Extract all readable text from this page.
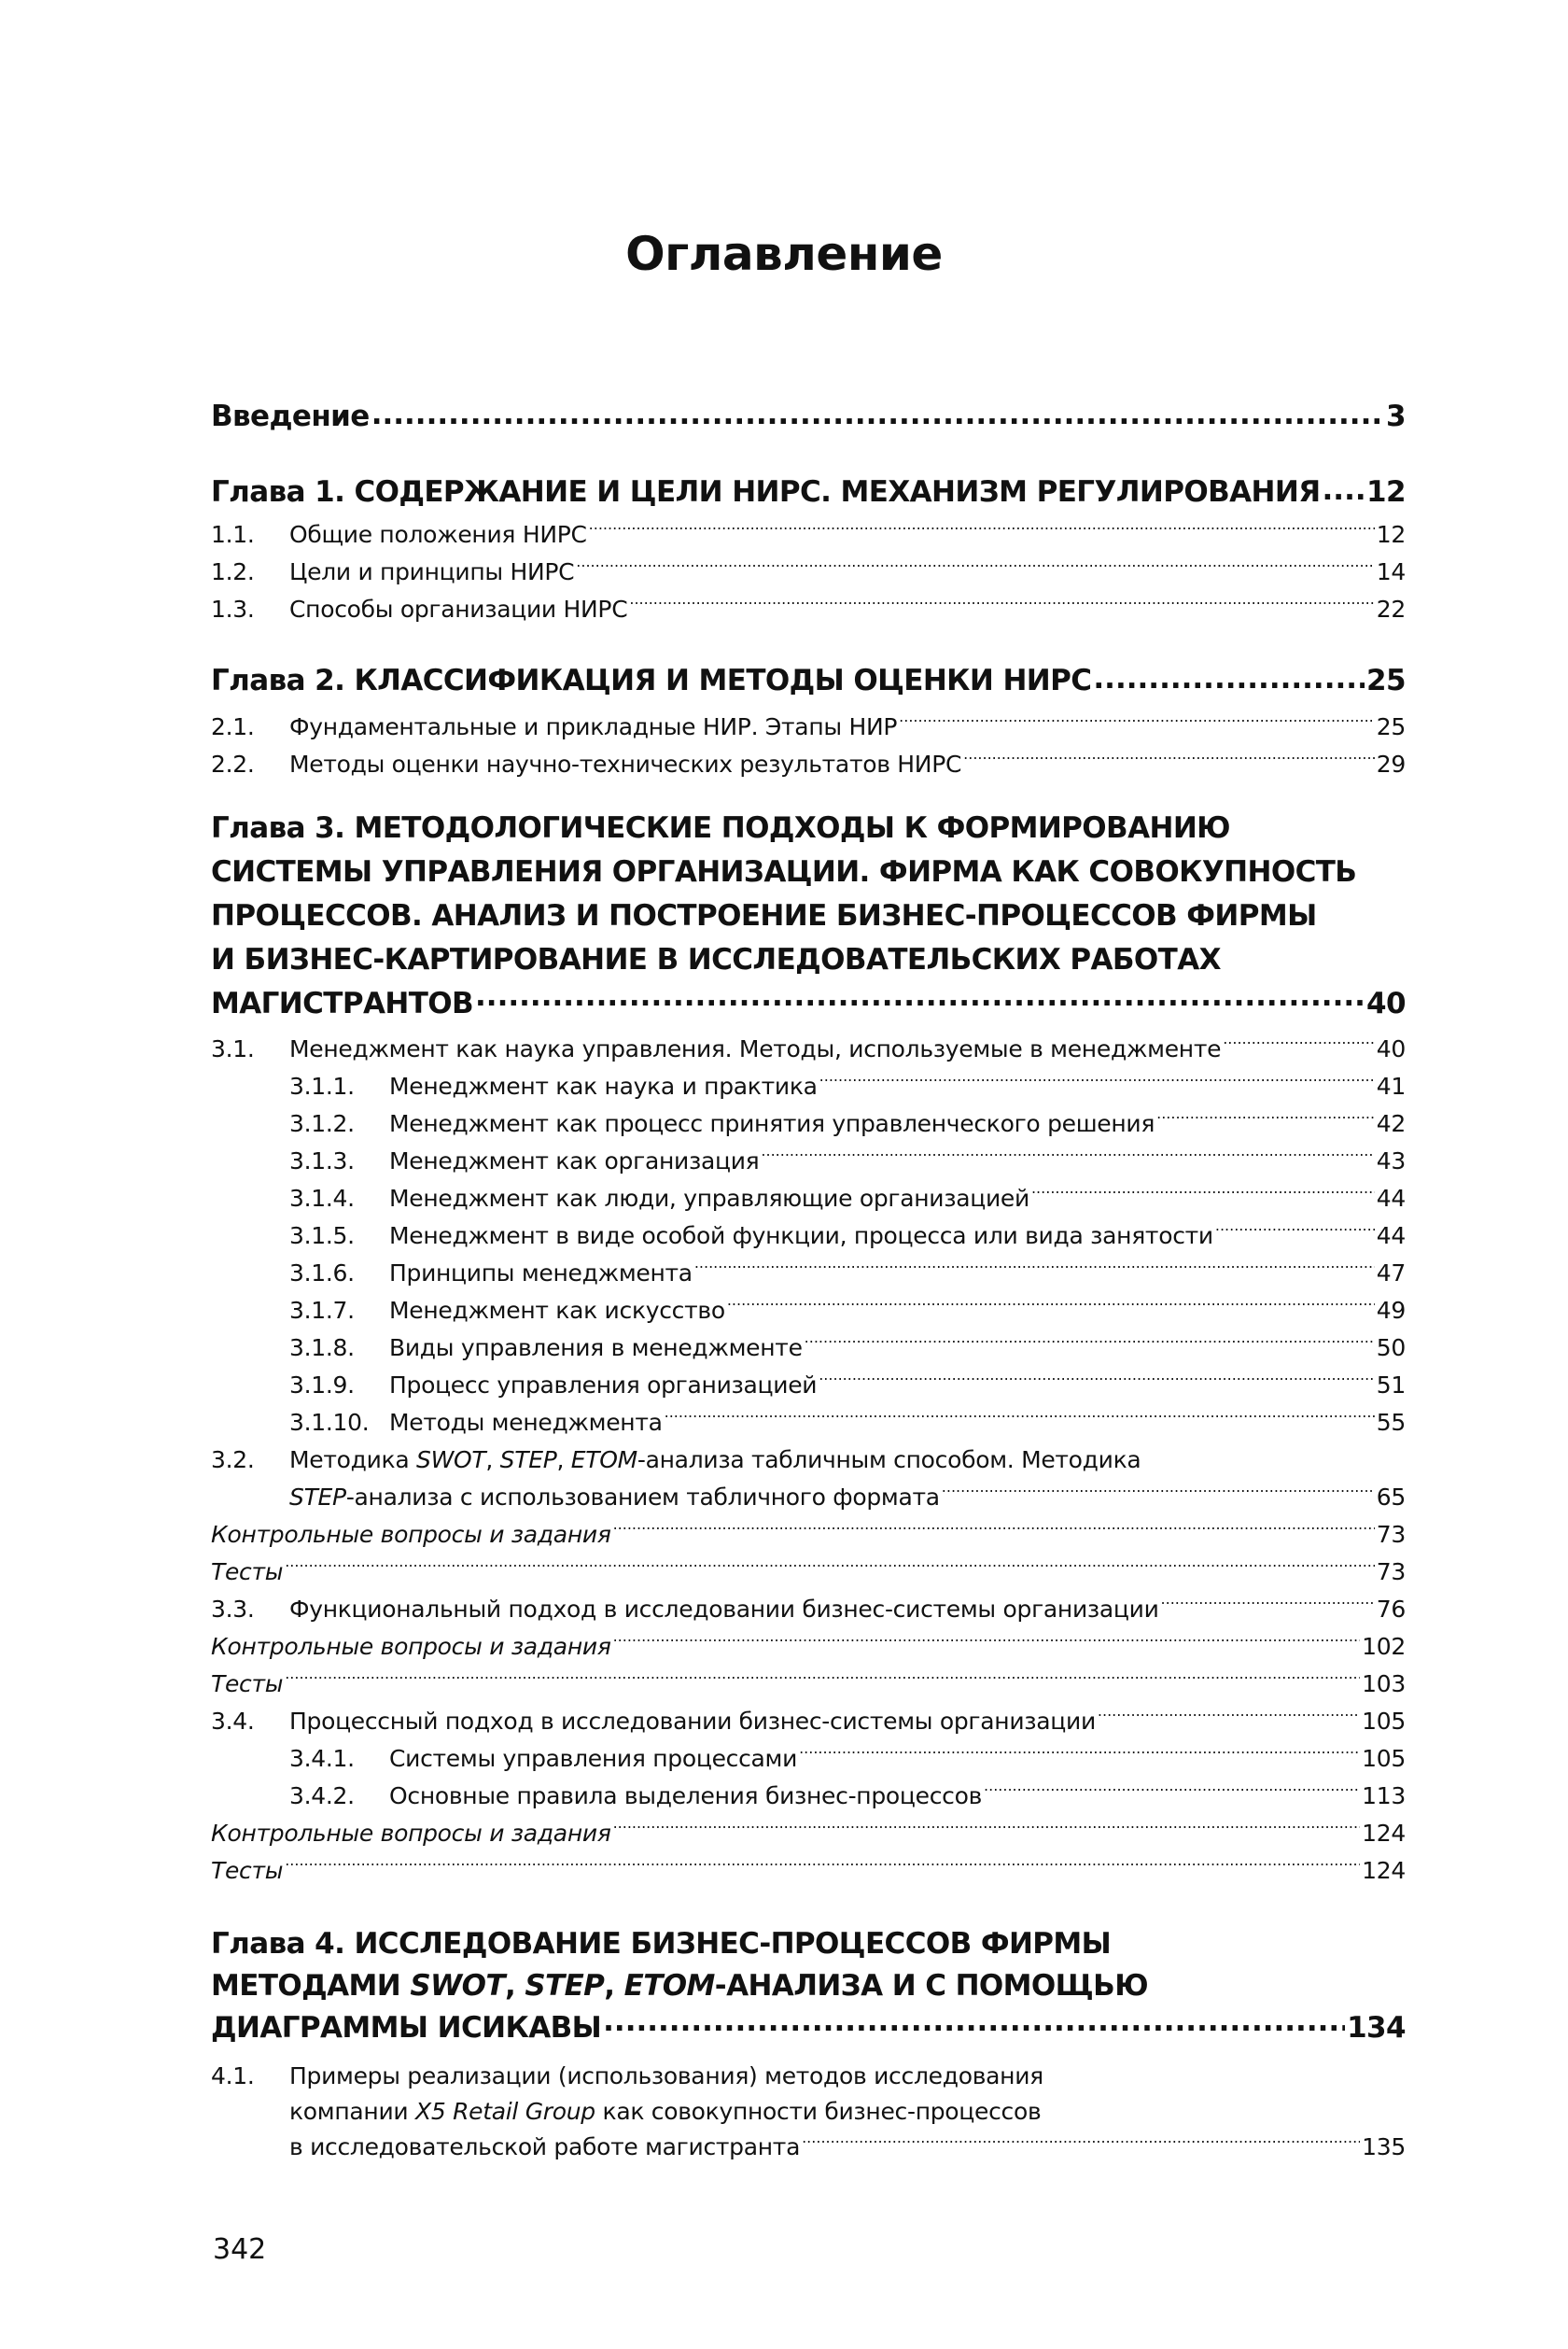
Оглавление
Введение .....	3
Глава 1. СОДЕРЖАНИЕ И ЦЕЛИ НИРС. МЕХАНИЗМ РЕГУЛИРОВАНИЯ ..... 12
1.1.	Общие положения НИРС .....	12
1.2.	Цели и принципы НИРС .....	14
1.3.	Способы организации НИРС .....	22
Глава 2. КЛАССИФИКАЦИЯ И МЕТОДЫ ОЦЕНКИ НИРС .....	25
2.1.	Фундаментальные и прикладные НИР. Этапы НИР .....	25
2.2.	Методы оценки научно-технических результатов НИРС .....	29
Глава 3. МЕТОДОЛОГИЧЕСКИЕ ПОДХОДЫ К ФОРМИРОВАНИЮ
СИСТЕМЫ УПРАВЛЕНИЯ ОРГАНИЗАЦИИ. ФИРМА КАК СОВОКУПНОСТЬ
ПРОЦЕССОВ. АНАЛИЗ И ПОСТРОЕНИЕ БИЗНЕС-ПРОЦЕССОВ ФИРМЫ
И БИЗНЕС-КАРТИРОВАНИЕ В ИССЛЕДОВАТЕЛЬСКИХ РАБОТАХ
МАГИСТРАНТОВ .....	40
3.1.	Менеджмент как наука управления. Методы, используемые в менеджменте .....	40
3.1.1.	Менеджмент как наука и практика .....	41
3.1.2.	Менеджмент как процесс принятия управленческого решения .....	42
3.1.3.	Менеджмент как организация .....	43
3.1.4.	Менеджмент как люди, управляющие организацией .....	44
3.1.5.	Менеджмент в виде особой функции, процесса или вида занятости .....	44
3.1.6.	Принципы менеджмента .....	47
3.1.7.	Менеджмент как искусство .....	49
3.1.8.	Виды управления в менеджменте .....	50
3.1.9.	Процесс управления организацией .....	51
3.1.10. Методы менеджмента .....	55
3.2. Методика SWOT, STEP, ETOM-анализа табличным способом. Методика
STEP-анализа с использованием табличного формата .....	65
Контрольные вопросы и задания .....	73
Тесты .....	73
3.3.	Функциональный подход в исследовании бизнес-системы организации .....	76
Контрольные вопросы и задания .....	102
Тесты .....	103
3.4.	Процессный подход в исследовании бизнес-системы организации .....	105
3.4.1.	Системы управления процессами .....	105
3.4.2.	Основные правила выделения бизнес-процессов .....	113
Контрольные вопросы и задания .....	124
Тесты .....	124
Глава 4. ИССЛЕДОВАНИЕ БИЗНЕС-ПРОЦЕССОВ ФИРМЫ
МЕТОДАМИ SWOT, STEP, ETOM-АНАЛИЗА И С ПОМОЩЬЮ
ДИАГРАММЫ ИСИКАВЫ .....	134
4.1. Примеры реализации (использования) методов исследования
компании X5 Retail Group как совокупности бизнес-процессов
в исследовательской работе магистранта .....	135
342
